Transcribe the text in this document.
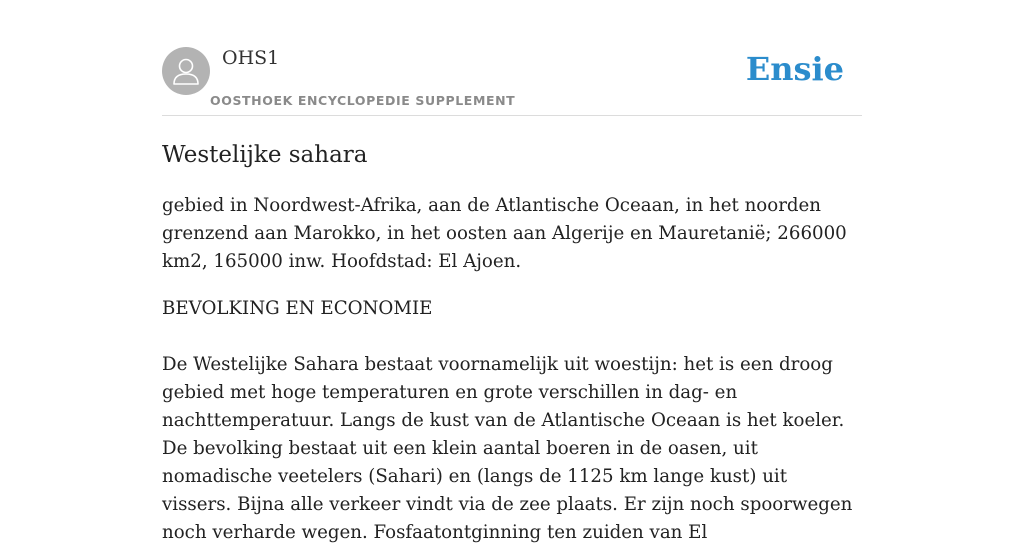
OHS1
OOSTHOEK ENCYCLOPEDIE SUPPLEMENT
Ensie
Westelijke sahara

gebied in Noordwest-Afrika, aan de Atlantische Oceaan, in het noorden grenzend aan Marokko, in het oosten aan Algerije en Mauretanië; 266000 km2, 165000 inw. Hoofdstad: El Ajoen.

BEVOLKING EN ECONOMIE

De Westelijke Sahara bestaat voornamelijk uit woestijn: het is een droog gebied met hoge temperaturen en grote verschillen in dag- en nachttemperatuur. Langs de kust van de Atlantische Oceaan is het koeler. De bevolking bestaat uit een klein aantal boeren in de oasen, uit nomadische veetelers (Sahari) en (langs de 1125 km lange kust) uit vissers. Bijna alle verkeer vindt via de zee plaats. Er zijn noch spoorwegen noch verharde wegen. Fosfaatontginning ten zuiden van El
